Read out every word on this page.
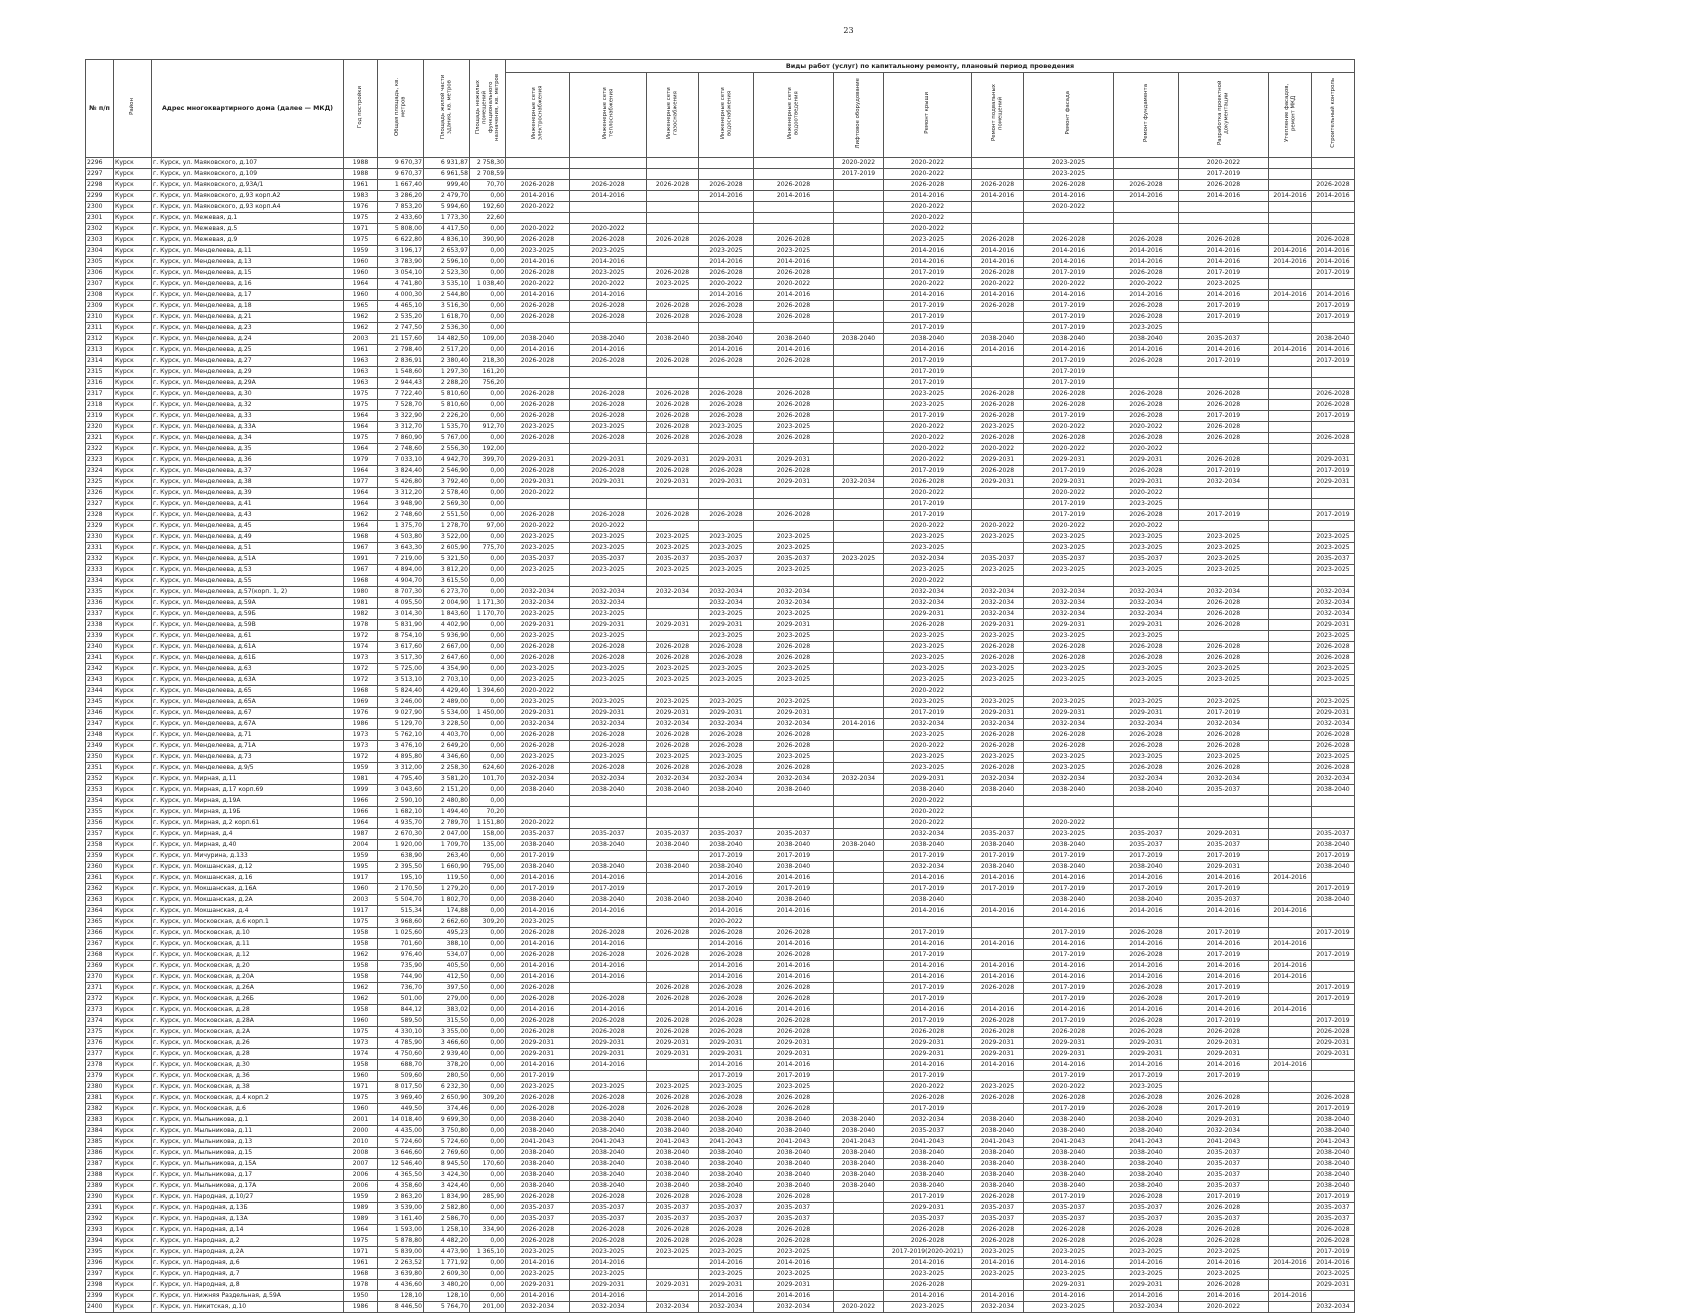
23
№ п/п	Район	Адрес многоквартирного дома (далее — МКД)	Год постройки	Общая площадь, кв. метров	Площадь жилой части здания, кв. метров	Площадь нежилых помещений функционального назначения, кв. метров	Виды работ (услуг) по капитальному ремонту, плановый период проведения												
							Инженерные сети электроснабжения	Инженерные сети теплоснабжения	Инженерные сети газоснабжения	Инженерные сети водоснабжения	Инженерные сети водоотведения	Лифтовое оборудование	Ремонт крыши	Ремонт подвальных помещений	Ремонт фасада	Ремонт фундамента	Разработка проектной документации	Утепление фасадов, ремонт МКД	Строительный контроль
2296	Курск	г. Курск, ул. Маяковского, д.107	1988	9 670,37	6 931,87	2 758,30						2020-2022	2020-2022		2023-2025		2020-2022		
2297	Курск	г. Курск, ул. Маяковского, д.109	1988	9 670,37	6 961,58	2 708,59						2017-2019	2020-2022		2023-2025		2017-2019		
2298	Курск	г. Курск, ул. Маяковского, д.93А/1	1961	1 667,40	999,40	70,70	2026-2028	2026-2028	2026-2028	2026-2028	2026-2028		2026-2028	2026-2028	2026-2028	2026-2028	2026-2028		2026-2028
2299	Курск	г. Курск, ул. Маяковского, д.93 корп.А2	1983	3 286,20	2 479,70	0,00	2014-2016	2014-2016		2014-2016	2014-2016		2014-2016	2014-2016	2014-2016	2014-2016	2014-2016	2014-2016	2014-2016
2300	Курск	г. Курск, ул. Маяковского, д.93 корп.А4	1976	7 853,20	5 994,60	192,60	2020-2022						2020-2022		2020-2022				
2301	Курск	г. Курск, ул. Межевая, д.1	1975	2 433,60	1 773,30	22,60							2020-2022						
2302	Курск	г. Курск, ул. Межевая, д.5	1971	5 808,00	4 417,50	0,00	2020-2022	2020-2022					2020-2022						
2303	Курск	г. Курск, ул. Межевая, д.9	1975	6 622,80	4 836,10	390,90	2026-2028	2026-2028	2026-2028	2026-2028	2026-2028		2023-2025	2026-2028	2026-2028	2026-2028	2026-2028		2026-2028
2304	Курск	г. Курск, ул. Менделеева, д.11	1959	3 196,17	2 653,97	0,00	2023-2025	2023-2025		2023-2025	2023-2025		2014-2016	2014-2016	2014-2016	2014-2016	2014-2016	2014-2016	2014-2016
2305	Курск	г. Курск, ул. Менделеева, д.13	1960	3 783,90	2 596,10	0,00	2014-2016	2014-2016		2014-2016	2014-2016		2014-2016	2014-2016	2014-2016	2014-2016	2014-2016	2014-2016	2014-2016
2306	Курск	г. Курск, ул. Менделеева, д.15	1960	3 054,10	2 523,30	0,00	2026-2028	2023-2025	2026-2028	2026-2028	2026-2028		2017-2019	2026-2028	2017-2019	2026-2028	2017-2019		2017-2019
2307	Курск	г. Курск, ул. Менделеева, д.16	1964	4 741,80	3 535,10	1 038,40	2020-2022	2020-2022	2023-2025	2020-2022	2020-2022		2020-2022	2020-2022	2020-2022	2020-2022	2023-2025		
2308	Курск	г. Курск, ул. Менделеева, д.17	1960	4 000,30	2 544,80	0,00	2014-2016	2014-2016		2014-2016	2014-2016		2014-2016	2014-2016	2014-2016	2014-2016	2014-2016	2014-2016	2014-2016
2309	Курск	г. Курск, ул. Менделеева, д.18	1965	4 465,10	3 516,30	0,00	2026-2028	2026-2028	2026-2028	2026-2028	2026-2028		2017-2019	2026-2028	2017-2019	2026-2028	2017-2019		2017-2019
2310	Курск	г. Курск, ул. Менделеева, д.21	1962	2 535,20	1 618,70	0,00	2026-2028	2026-2028	2026-2028	2026-2028	2026-2028		2017-2019		2017-2019	2026-2028	2017-2019		2017-2019
2311	Курск	г. Курск, ул. Менделеева, д.23	1962	2 747,50	2 536,30	0,00							2017-2019		2017-2019	2023-2025			
2312	Курск	г. Курск, ул. Менделеева, д.24	2003	21 157,60	14 482,50	109,00	2038-2040	2038-2040	2038-2040	2038-2040	2038-2040	2038-2040	2038-2040	2038-2040	2038-2040	2038-2040	2035-2037		2038-2040
2313	Курск	г. Курск, ул. Менделеева, д.25	1961	2 798,40	2 517,20	0,00	2014-2016	2014-2016		2014-2016	2014-2016		2014-2016	2014-2016	2014-2016	2014-2016	2014-2016	2014-2016	2014-2016
2314	Курск	г. Курск, ул. Менделеева, д.27	1963	2 836,91	2 380,40	218,30	2026-2028	2026-2028	2026-2028	2026-2028	2026-2028		2017-2019		2017-2019	2026-2028	2017-2019		2017-2019
2315	Курск	г. Курск, ул. Менделеева, д.29	1963	1 548,60	1 297,30	161,20							2017-2019		2017-2019				
2316	Курск	г. Курск, ул. Менделеева, д.29А	1963	2 944,43	2 288,20	756,20							2017-2019		2017-2019				
2317	Курск	г. Курск, ул. Менделеева, д.30	1975	7 722,40	5 810,60	0,00	2026-2028	2026-2028	2026-2028	2026-2028	2026-2028		2023-2025	2026-2028	2026-2028	2026-2028	2026-2028		2026-2028
2318	Курск	г. Курск, ул. Менделеева, д.32	1975	7 528,70	5 810,60	0,00	2026-2028	2026-2028	2026-2028	2026-2028	2026-2028		2023-2025	2026-2028	2026-2028	2026-2028	2026-2028		2026-2028
2319	Курск	г. Курск, ул. Менделеева, д.33	1964	3 322,90	2 226,20	0,00	2026-2028	2026-2028	2026-2028	2026-2028	2026-2028		2017-2019	2026-2028	2017-2019	2026-2028	2017-2019		2017-2019
2320	Курск	г. Курск, ул. Менделеева, д.33А	1964	3 312,70	1 535,70	912,70	2023-2025	2023-2025	2026-2028	2023-2025	2023-2025		2020-2022	2023-2025	2020-2022	2020-2022	2026-2028		
2321	Курск	г. Курск, ул. Менделеева, д.34	1975	7 860,90	5 767,00	0,00	2026-2028	2026-2028	2026-2028	2026-2028	2026-2028		2020-2022	2026-2028	2026-2028	2026-2028	2026-2028		2026-2028
2322	Курск	г. Курск, ул. Менделеева, д.35	1964	2 748,60	2 556,30	192,00							2020-2022	2020-2022	2020-2022	2020-2022			
2323	Курск	г. Курск, ул. Менделеева, д.36	1979	7 033,10	4 942,70	399,70	2029-2031	2029-2031	2029-2031	2029-2031	2029-2031		2020-2022	2029-2031	2029-2031	2029-2031	2026-2028		2029-2031
2324	Курск	г. Курск, ул. Менделеева, д.37	1964	3 824,40	2 546,90	0,00	2026-2028	2026-2028	2026-2028	2026-2028	2026-2028		2017-2019	2026-2028	2017-2019	2026-2028	2017-2019		2017-2019
2325	Курск	г. Курск, ул. Менделеева, д.38	1977	5 426,80	3 792,40	0,00	2029-2031	2029-2031	2029-2031	2029-2031	2029-2031	2032-2034	2026-2028	2029-2031	2029-2031	2029-2031	2032-2034		2029-2031
2326	Курск	г. Курск, ул. Менделеева, д.39	1964	3 312,20	2 578,40	0,00	2020-2022						2020-2022		2020-2022	2020-2022			
2327	Курск	г. Курск, ул. Менделеева, д.41	1964	3 948,90	2 569,30	0,00							2017-2019		2017-2019	2023-2025			
2328	Курск	г. Курск, ул. Менделеева, д.43	1962	2 748,60	2 551,50	0,00	2026-2028	2026-2028	2026-2028	2026-2028	2026-2028		2017-2019		2017-2019	2026-2028	2017-2019		2017-2019
2329	Курск	г. Курск, ул. Менделеева, д.45	1964	1 375,70	1 278,70	97,00	2020-2022	2020-2022					2020-2022	2020-2022	2020-2022	2020-2022			
2330	Курск	г. Курск, ул. Менделеева, д.49	1968	4 503,80	3 522,00	0,00	2023-2025	2023-2025	2023-2025	2023-2025	2023-2025		2023-2025	2023-2025	2023-2025	2023-2025	2023-2025		2023-2025
2331	Курск	г. Курск, ул. Менделеева, д.51	1967	3 643,30	2 605,90	775,70	2023-2025	2023-2025	2023-2025	2023-2025	2023-2025		2023-2025		2023-2025	2023-2025	2023-2025		2023-2025
2332	Курск	г. Курск, ул. Менделеева, д.51А	1991	7 219,00	5 321,50	0,00	2035-2037	2035-2037	2035-2037	2035-2037	2035-2037	2023-2025	2032-2034	2035-2037	2035-2037	2035-2037	2023-2025		2035-2037
2333	Курск	г. Курск, ул. Менделеева, д.53	1967	4 894,00	3 812,20	0,00	2023-2025	2023-2025	2023-2025	2023-2025	2023-2025		2023-2025	2023-2025	2023-2025	2023-2025	2023-2025		2023-2025
2334	Курск	г. Курск, ул. Менделеева, д.55	1968	4 904,70	3 615,50	0,00							2020-2022						
2335	Курск	г. Курск, ул. Менделеева, д.57(корп. 1, 2)	1980	8 707,30	6 273,70	0,00	2032-2034	2032-2034	2032-2034	2032-2034	2032-2034		2032-2034	2032-2034	2032-2034	2032-2034	2032-2034		2032-2034
2336	Курск	г. Курск, ул. Менделеева, д.59А	1981	4 095,50	2 004,90	1 171,30	2032-2034	2032-2034		2032-2034	2032-2034		2032-2034	2032-2034	2032-2034	2032-2034	2026-2028		2032-2034
2337	Курск	г. Курск, ул. Менделеева, д.59Б	1982	3 014,30	1 843,60	1 170,70	2023-2025	2023-2025		2023-2025	2023-2025		2029-2031	2032-2034	2032-2034	2032-2034	2026-2028		2032-2034
2338	Курск	г. Курск, ул. Менделеева, д.59В	1978	5 831,90	4 402,90	0,00	2029-2031	2029-2031	2029-2031	2029-2031	2029-2031		2026-2028	2029-2031	2029-2031	2029-2031	2026-2028		2029-2031
2339	Курск	г. Курск, ул. Менделеева, д.61	1972	8 754,10	5 936,90	0,00	2023-2025	2023-2025		2023-2025	2023-2025		2023-2025	2023-2025	2023-2025	2023-2025			2023-2025
2340	Курск	г. Курск, ул. Менделеева, д.61А	1974	3 617,60	2 667,00	0,00	2026-2028	2026-2028	2026-2028	2026-2028	2026-2028		2023-2025	2026-2028	2026-2028	2026-2028	2026-2028		2026-2028
2341	Курск	г. Курск, ул. Менделеева, д.61Б	1973	3 517,30	2 647,60	0,00	2026-2028	2026-2028	2026-2028	2026-2028	2026-2028		2023-2025	2026-2028	2026-2028	2026-2028	2026-2028		2026-2028
2342	Курск	г. Курск, ул. Менделеева, д.63	1972	5 725,00	4 354,90	0,00	2023-2025	2023-2025	2023-2025	2023-2025	2023-2025		2023-2025	2023-2025	2023-2025	2023-2025	2023-2025		2023-2025
2343	Курск	г. Курск, ул. Менделеева, д.63А	1972	3 513,10	2 703,10	0,00	2023-2025	2023-2025	2023-2025	2023-2025	2023-2025		2023-2025	2023-2025	2023-2025	2023-2025	2023-2025		2023-2025
2344	Курск	г. Курск, ул. Менделеева, д.65	1968	5 824,40	4 429,40	1 394,60	2020-2022						2020-2022						
2345	Курск	г. Курск, ул. Менделеева, д.65А	1969	3 246,00	2 489,00	0,00	2023-2025	2023-2025	2023-2025	2023-2025	2023-2025		2023-2025	2023-2025	2023-2025	2023-2025	2023-2025		2023-2025
2346	Курск	г. Курск, ул. Менделеева, д.67	1976	9 027,90	5 534,00	1 450,00	2029-2031	2029-2031	2029-2031	2029-2031	2029-2031		2017-2019	2029-2031	2029-2031	2029-2031	2017-2019		2029-2031
2347	Курск	г. Курск, ул. Менделеева, д.67А	1986	5 129,70	3 228,50	0,00	2032-2034	2032-2034	2032-2034	2032-2034	2032-2034	2014-2016	2032-2034	2032-2034	2032-2034	2032-2034	2032-2034		2032-2034
2348	Курск	г. Курск, ул. Менделеева, д.71	1973	5 762,10	4 403,70	0,00	2026-2028	2026-2028	2026-2028	2026-2028	2026-2028		2023-2025	2026-2028	2026-2028	2026-2028	2026-2028		2026-2028
2349	Курск	г. Курск, ул. Менделеева, д.71А	1973	3 476,10	2 649,20	0,00	2026-2028	2026-2028	2026-2028	2026-2028	2026-2028		2020-2022	2026-2028	2026-2028	2026-2028	2026-2028		2026-2028
2350	Курск	г. Курск, ул. Менделеева, д.73	1972	4 895,80	4 346,60	0,00	2023-2025	2023-2025	2023-2025	2023-2025	2023-2025		2023-2025	2023-2025	2023-2025	2023-2025	2023-2025		2023-2025
2351	Курск	г. Курск, ул. Менделеева, д.9/5	1959	3 312,00	2 258,30	624,60	2026-2028	2026-2028	2026-2028	2026-2028	2026-2028		2023-2025	2026-2028	2023-2025	2026-2028	2026-2028		2026-2028
2352	Курск	г. Курск, ул. Мирная, д.11	1981	4 795,40	3 581,20	101,70	2032-2034	2032-2034	2032-2034	2032-2034	2032-2034	2032-2034	2029-2031	2032-2034	2032-2034	2032-2034	2032-2034		2032-2034
2353	Курск	г. Курск, ул. Мирная, д.17 корп.69	1999	3 043,60	2 151,20	0,00	2038-2040	2038-2040	2038-2040	2038-2040	2038-2040		2038-2040	2038-2040	2038-2040	2038-2040	2035-2037		2038-2040
2354	Курск	г. Курск, ул. Мирная, д.19А	1966	2 590,10	2 480,80	0,00							2020-2022						
2355	Курск	г. Курск, ул. Мирная, д.19Б	1966	1 682,10	1 494,40	70,20							2020-2022						
2356	Курск	г. Курск, ул. Мирная, д.2 корп.61	1964	4 935,70	2 789,70	1 151,80	2020-2022						2020-2022		2020-2022				
2357	Курск	г. Курск, ул. Мирная, д.4	1987	2 670,30	2 047,00	158,00	2035-2037	2035-2037	2035-2037	2035-2037	2035-2037		2032-2034	2035-2037	2023-2025	2035-2037	2029-2031		2035-2037
2358	Курск	г. Курск, ул. Мирная, д.40	2004	1 920,00	1 709,70	135,00	2038-2040	2038-2040	2038-2040	2038-2040	2038-2040	2038-2040	2038-2040	2038-2040	2038-2040	2035-2037	2035-2037		2038-2040
2359	Курск	г. Курск, ул. Мичурина, д.133	1959	638,90	263,40	0,00	2017-2019			2017-2019	2017-2019		2017-2019	2017-2019	2017-2019	2017-2019	2017-2019		2017-2019
2360	Курск	г. Курск, ул. Мокшанская, д.12	1995	2 395,50	1 660,90	795,00	2038-2040	2038-2040	2038-2040	2038-2040	2038-2040		2032-2034	2038-2040	2038-2040	2038-2040	2029-2031		2038-2040
2361	Курск	г. Курск, ул. Мокшанская, д.16	1917	195,10	119,50	0,00	2014-2016	2014-2016		2014-2016	2014-2016		2014-2016	2014-2016	2014-2016	2014-2016	2014-2016	2014-2016	
2362	Курск	г. Курск, ул. Мокшанская, д.16А	1960	2 170,50	1 279,20	0,00	2017-2019	2017-2019		2017-2019	2017-2019		2017-2019	2017-2019	2017-2019	2017-2019	2017-2019		2017-2019
2363	Курск	г. Курск, ул. Мокшанская, д.2А	2003	5 504,70	1 802,70	0,00	2038-2040	2038-2040	2038-2040	2038-2040	2038-2040		2038-2040		2038-2040	2038-2040	2035-2037		2038-2040
2364	Курск	г. Курск, ул. Мокшанская, д.4	1917	515,34	174,88	0,00	2014-2016	2014-2016		2014-2016	2014-2016		2014-2016	2014-2016	2014-2016	2014-2016	2014-2016	2014-2016	
2365	Курск	г. Курск, ул. Московская, д.6 корп.1	1975	3 968,60	2 662,60	309,20	2023-2025			2020-2022									
2366	Курск	г. Курск, ул. Московская, д.10	1958	1 025,60	495,23	0,00	2026-2028	2026-2028	2026-2028	2026-2028	2026-2028		2017-2019		2017-2019	2026-2028	2017-2019		2017-2019
2367	Курск	г. Курск, ул. Московская, д.11	1958	701,60	388,10	0,00	2014-2016	2014-2016		2014-2016	2014-2016		2014-2016	2014-2016	2014-2016	2014-2016	2014-2016	2014-2016	
2368	Курск	г. Курск, ул. Московская, д.12	1962	976,40	534,07	0,00	2026-2028	2026-2028	2026-2028	2026-2028	2026-2028		2017-2019		2017-2019	2026-2028	2017-2019		2017-2019
2369	Курск	г. Курск, ул. Московская, д.20	1958	735,90	405,50	0,00	2014-2016	2014-2016		2014-2016	2014-2016		2014-2016	2014-2016	2014-2016	2014-2016	2014-2016	2014-2016	
2370	Курск	г. Курск, ул. Московская, д.20А	1958	744,90	412,50	0,00	2014-2016	2014-2016		2014-2016	2014-2016		2014-2016	2014-2016	2014-2016	2014-2016	2014-2016	2014-2016	
2371	Курск	г. Курск, ул. Московская, д.26А	1962	736,70	397,50	0,00	2026-2028		2026-2028	2026-2028	2026-2028		2017-2019	2026-2028	2017-2019	2026-2028	2017-2019		2017-2019
2372	Курск	г. Курск, ул. Московская, д.26Б	1962	501,00	279,00	0,00	2026-2028	2026-2028	2026-2028	2026-2028	2026-2028		2017-2019		2017-2019	2026-2028	2017-2019		2017-2019
2373	Курск	г. Курск, ул. Московская, д.28	1958	844,12	383,02	0,00	2014-2016	2014-2016		2014-2016	2014-2016		2014-2016	2014-2016	2014-2016	2014-2016	2014-2016	2014-2016	
2374	Курск	г. Курск, ул. Московская, д.28А	1960	589,50	315,50	0,00	2026-2028	2026-2028	2026-2028	2026-2028	2026-2028		2017-2019	2026-2028	2017-2019	2026-2028	2017-2019		2017-2019
2375	Курск	г. Курск, ул. Московская, д.2А	1975	4 330,10	3 355,00	0,00	2026-2028	2026-2028	2026-2028	2026-2028	2026-2028		2026-2028	2026-2028	2026-2028	2026-2028	2026-2028		2026-2028
2376	Курск	г. Курск, ул. Московская, д.26	1973	4 785,90	3 466,60	0,00	2029-2031	2029-2031	2029-2031	2029-2031	2029-2031		2029-2031	2029-2031	2029-2031	2029-2031	2029-2031		2029-2031
2377	Курск	г. Курск, ул. Московская, д.28	1974	4 750,60	2 939,40	0,00	2029-2031	2029-2031	2029-2031	2029-2031	2029-2031		2029-2031	2029-2031	2029-2031	2029-2031	2029-2031		2029-2031
2378	Курск	г. Курск, ул. Московская, д.30	1958	688,70	378,20	0,00	2014-2016	2014-2016		2014-2016	2014-2016		2014-2016	2014-2016	2014-2016	2014-2016	2014-2016	2014-2016	
2379	Курск	г. Курск, ул. Московская, д.36	1960	509,60	280,50	0,00	2017-2019			2017-2019	2017-2019		2017-2019		2017-2019	2017-2019	2017-2019		
2380	Курск	г. Курск, ул. Московская, д.38	1971	8 017,50	6 232,30	0,00	2023-2025	2023-2025	2023-2025	2023-2025	2023-2025		2020-2022	2023-2025	2020-2022	2023-2025			
2381	Курск	г. Курск, ул. Московская, д.4 корп.2	1975	3 969,40	2 650,90	309,20	2026-2028	2026-2028	2026-2028	2026-2028	2026-2028		2026-2028	2026-2028	2026-2028	2026-2028	2026-2028		2026-2028
2382	Курск	г. Курск, ул. Московская, д.6	1960	449,50	374,46	0,00	2026-2028	2026-2028	2026-2028	2026-2028	2026-2028		2017-2019		2017-2019	2026-2028	2017-2019		2017-2019
2383	Курск	г. Курск, ул. Мыльникова, д.1	2001	14 018,40	9 699,30	0,00	2038-2040	2038-2040	2038-2040	2038-2040	2038-2040	2038-2040	2032-2034	2038-2040	2038-2040	2038-2040	2029-2031		2038-2040
2384	Курск	г. Курск, ул. Мыльникова, д.11	2000	4 435,00	3 750,80	0,00	2038-2040	2038-2040	2038-2040	2038-2040	2038-2040	2038-2040	2035-2037	2038-2040	2038-2040	2038-2040	2032-2034		2038-2040
2385	Курск	г. Курск, ул. Мыльникова, д.13	2010	5 724,60	5 724,60	0,00	2041-2043	2041-2043	2041-2043	2041-2043	2041-2043	2041-2043	2041-2043	2041-2043	2041-2043	2041-2043	2041-2043		2041-2043
2386	Курск	г. Курск, ул. Мыльникова, д.15	2008	3 646,60	2 769,60	0,00	2038-2040	2038-2040	2038-2040	2038-2040	2038-2040	2038-2040	2038-2040	2038-2040	2038-2040	2038-2040	2035-2037		2038-2040
2387	Курск	г. Курск, ул. Мыльникова, д.15А	2007	12 546,40	8 945,50	170,60	2038-2040	2038-2040	2038-2040	2038-2040	2038-2040	2038-2040	2038-2040	2038-2040	2038-2040	2038-2040	2035-2037		2038-2040
2388	Курск	г. Курск, ул. Мыльникова, д.17	2006	4 365,50	3 424,30	0,00	2038-2040	2038-2040	2038-2040	2038-2040	2038-2040	2038-2040	2038-2040	2038-2040	2038-2040	2038-2040	2035-2037		2038-2040
2389	Курск	г. Курск, ул. Мыльникова, д.17А	2006	4 358,60	3 424,40	0,00	2038-2040	2038-2040	2038-2040	2038-2040	2038-2040	2038-2040	2038-2040	2038-2040	2038-2040	2038-2040	2035-2037		2038-2040
2390	Курск	г. Курск, ул. Народная, д.10/27	1959	2 863,20	1 834,90	285,90	2026-2028	2026-2028	2026-2028	2026-2028	2026-2028		2017-2019	2026-2028	2017-2019	2026-2028	2017-2019		2017-2019
2391	Курск	г. Курск, ул. Народная, д.13Б	1989	3 539,00	2 582,80	0,00	2035-2037	2035-2037	2035-2037	2035-2037	2035-2037		2029-2031	2035-2037	2035-2037	2035-2037	2026-2028		2035-2037
2392	Курск	г. Курск, ул. Народная, д.13А	1989	3 161,40	2 586,70	0,00	2035-2037	2035-2037	2035-2037	2035-2037	2035-2037		2035-2037	2035-2037	2035-2037	2035-2037	2035-2037		2035-2037
2393	Курск	г. Курск, ул. Народная, д.14	1964	1 593,00	1 258,10	334,90	2026-2028	2026-2028	2026-2028	2026-2028	2026-2028		2026-2028	2026-2028	2026-2028	2026-2028	2026-2028		2026-2028
2394	Курск	г. Курск, ул. Народная, д.2	1975	5 878,80	4 482,20	0,00	2026-2028	2026-2028	2026-2028	2026-2028	2026-2028		2026-2028	2026-2028	2026-2028	2026-2028	2026-2028		2026-2028
2395	Курск	г. Курск, ул. Народная, д.2А	1971	5 839,00	4 473,90	1 365,10	2023-2025	2023-2025	2023-2025	2023-2025	2023-2025		2017-2019(2020-2021)	2023-2025	2023-2025	2023-2025	2023-2025		2017-2019
2396	Курск	г. Курск, ул. Народная, д.6	1961	2 263,52	1 771,92	0,00	2014-2016	2014-2016		2014-2016	2014-2016		2014-2016	2014-2016	2014-2016	2014-2016	2014-2016	2014-2016	2014-2016
2397	Курск	г. Курск, ул. Народная, д.7	1968	3 639,80	2 609,30	0,00	2023-2025	2023-2025		2023-2025	2023-2025		2023-2025	2023-2025	2023-2025	2023-2025	2023-2025		2023-2025
2398	Курск	г. Курск, ул. Народная, д.8	1978	4 436,60	3 480,20	0,00	2029-2031	2029-2031	2029-2031	2029-2031	2029-2031		2026-2028		2029-2031	2029-2031	2026-2028		2029-2031
2399	Курск	г. Курск, ул. Нижняя Раздельная, д.59А	1950	128,10	128,10	0,00	2014-2016	2014-2016		2014-2016	2014-2016		2014-2016	2014-2016	2014-2016	2014-2016	2014-2016	2014-2016	
2400	Курск	г. Курск, ул. Никитская, д.10	1986	8 446,50	5 764,70	201,00	2032-2034	2032-2034	2032-2034	2032-2034	2032-2034	2020-2022	2023-2025	2032-2034	2023-2025	2032-2034	2020-2022		2032-2034
